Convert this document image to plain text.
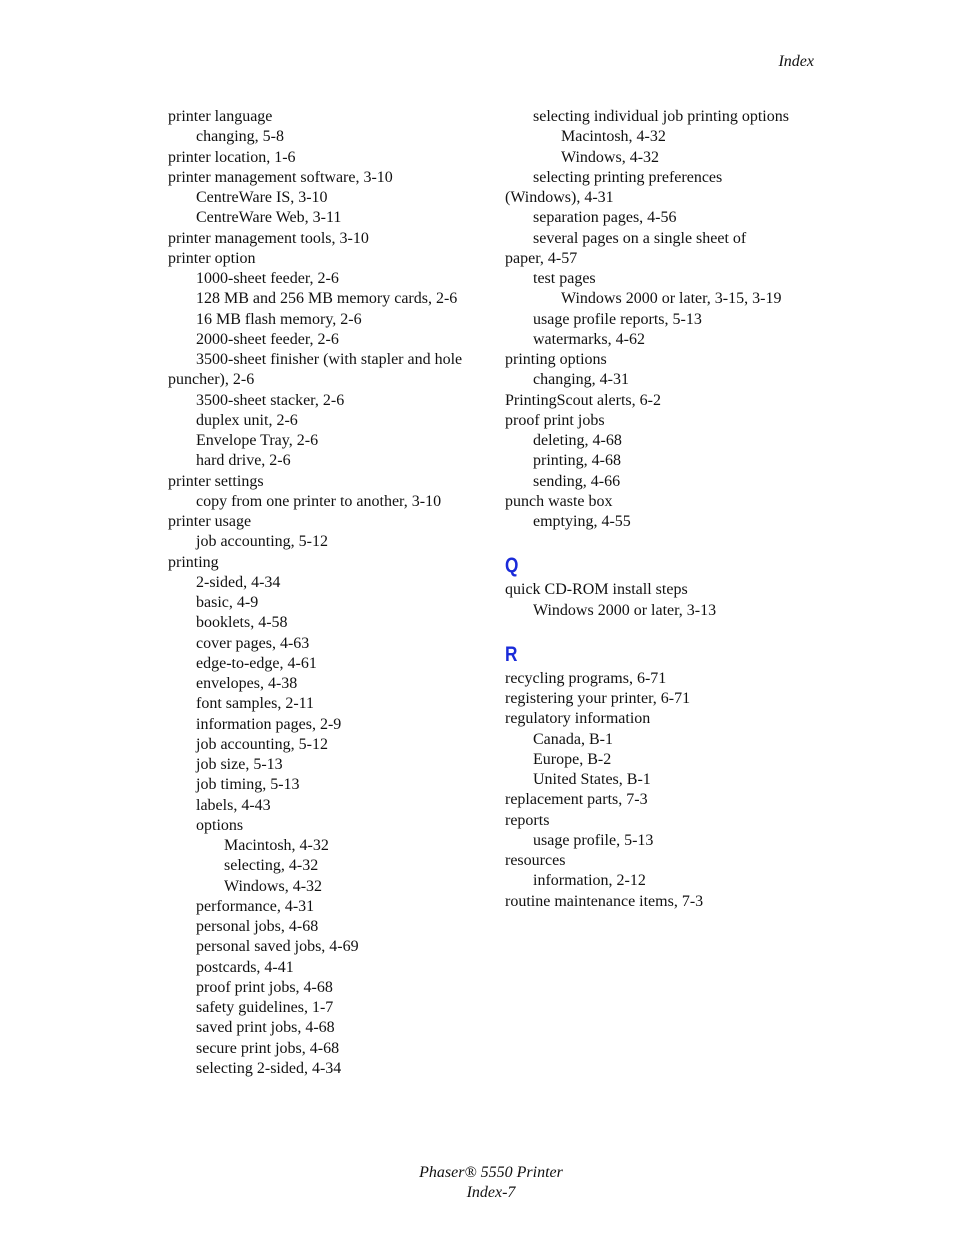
Index
printer language
changing, 5-8
printer location, 1-6
printer management software, 3-10
CentreWare IS, 3-10
CentreWare Web, 3-11
printer management tools, 3-10
printer option
1000-sheet feeder, 2-6
128 MB and 256 MB memory cards, 2-6
16 MB flash memory, 2-6
2000-sheet feeder, 2-6
3500-sheet finisher (with stapler and hole
puncher), 2-6
3500-sheet stacker, 2-6
duplex unit, 2-6
Envelope Tray, 2-6
hard drive, 2-6
printer settings
copy from one printer to another, 3-10
printer usage
job accounting, 5-12
printing
2-sided, 4-34
basic, 4-9
booklets, 4-58
cover pages, 4-63
edge-to-edge, 4-61
envelopes, 4-38
font samples, 2-11
information pages, 2-9
job accounting, 5-12
job size, 5-13
job timing, 5-13
labels, 4-43
options
Macintosh, 4-32
selecting, 4-32
Windows, 4-32
performance, 4-31
personal jobs, 4-68
personal saved jobs, 4-69
postcards, 4-41
proof print jobs, 4-68
safety guidelines, 1-7
saved print jobs, 4-68
secure print jobs, 4-68
selecting 2-sided, 4-34
selecting individual job printing options
Macintosh, 4-32
Windows, 4-32
selecting printing preferences
(Windows), 4-31
separation pages, 4-56
several pages on a single sheet of
paper, 4-57
test pages
Windows 2000 or later, 3-15, 3-19
usage profile reports, 5-13
watermarks, 4-62
printing options
changing, 4-31
PrintingScout alerts, 6-2
proof print jobs
deleting, 4-68
printing, 4-68
sending, 4-66
punch waste box
emptying, 4-55
Q
quick CD-ROM install steps
Windows 2000 or later, 3-13
R
recycling programs, 6-71
registering your printer, 6-71
regulatory information
Canada, B-1
Europe, B-2
United States, B-1
replacement parts, 7-3
reports
usage profile, 5-13
resources
information, 2-12
routine maintenance items, 7-3
Phaser® 5550 Printer
Index-7
